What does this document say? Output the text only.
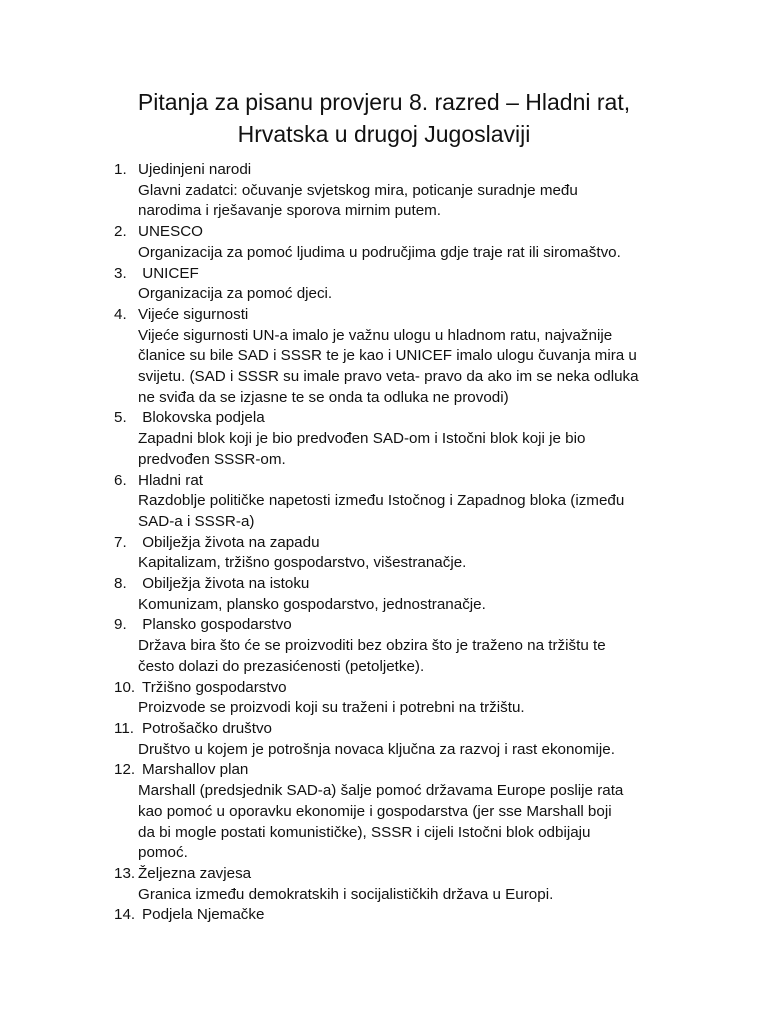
Pitanja za pisanu provjeru 8. razred – Hladni rat,
Hrvatska u drugoj Jugoslaviji
1. Ujedinjeni narodi
Glavni zadatci: očuvanje svjetskog mira, poticanje suradnje među
narodima i rješavanje sporova mirnim putem.
2. UNESCO
Organizacija za pomoć ljudima u područjima gdje traje rat ili siromaštvo.
3. UNICEF
Organizacija za pomoć djeci.
4. Vijeće sigurnosti
Vijeće sigurnosti UN-a imalo je važnu ulogu u hladnom ratu, najvažnije
članice su bile SAD i SSSR te je kao i UNICEF imalo ulogu čuvanja mira u
svijetu. (SAD i SSSR su imale pravo veta- pravo da ako im se neka odluka
ne sviđa da se izjasne te se onda ta odluka ne provodi)
5. Blokovska podjela
Zapadni blok koji je bio predvođen SAD-om i Istočni blok koji je bio
predvođen SSSR-om.
6. Hladni rat
Razdoblje političke napetosti između Istočnog i Zapadnog bloka (između
SAD-a i SSSR-a)
7. Obilježja života na zapadu
Kapitalizam, tržišno gospodarstvo, višestranačje.
8. Obilježja života na istoku
Komunizam, plansko gospodarstvo, jednostranačje.
9. Plansko gospodarstvo
Država bira što će se proizvoditi bez obzira što je traženo na tržištu te
često dolazi do prezasićenosti (petoljetke).
10. Tržišno gospodarstvo
Proizvode se proizvodi koji su traženi i potrebni na tržištu.
11. Potrošačko društvo
Društvo u kojem je potrošnja novaca ključna za razvoj i rast ekonomije.
12. Marshallov plan
Marshall (predsjednik SAD-a) šalje pomoć državama Europe poslije rata
kao pomoć u oporavku ekonomije i gospodarstva (jer sse Marshall boji
da bi mogle postati komunističke), SSSR i cijeli Istočni blok odbijaju
pomoć.
13. Željezna zavjesa
Granica između demokratskih i socijalističkih država u Europi.
14. Podjela Njemačke
